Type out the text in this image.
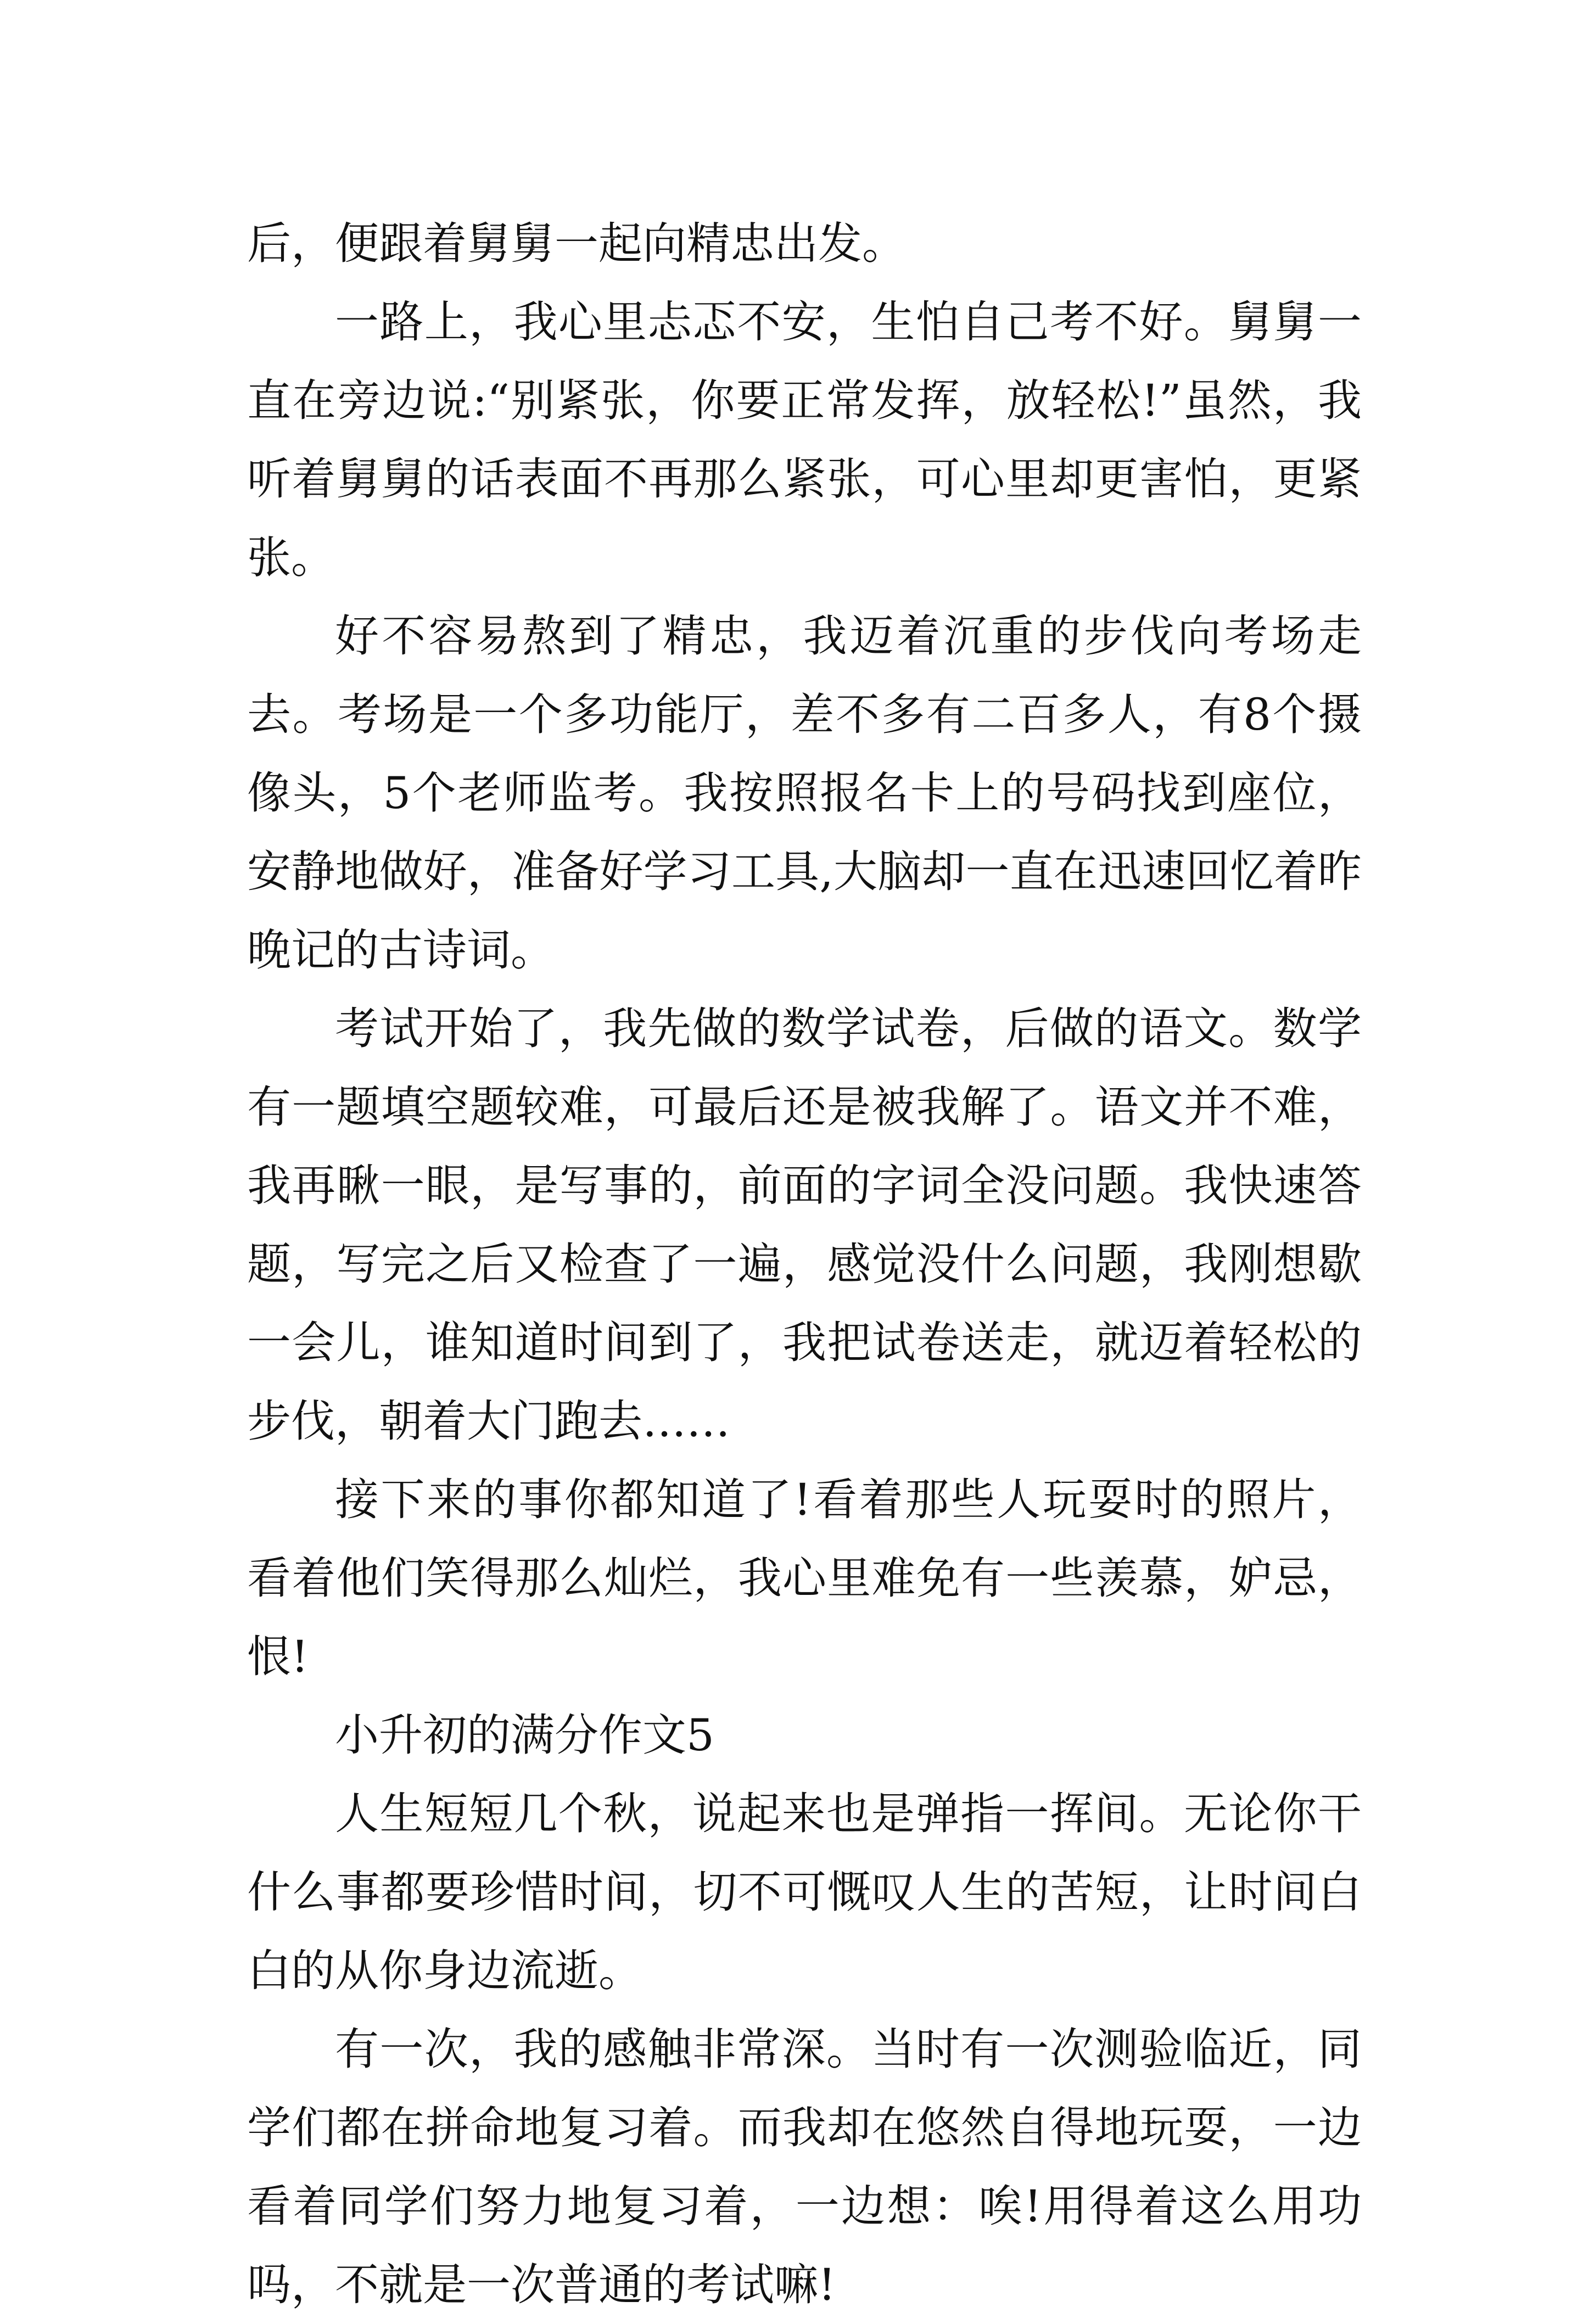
后，便跟着舅舅一起向精忠出发。

一路上，我心里忐忑不安，生怕自己考不好。舅舅一直在旁边说:“别紧张，你要正常发挥，放轻松!”虽然，我听着舅舅的话表面不再那么紧张，可心里却更害怕，更紧张。

好不容易熬到了精忠，我迈着沉重的步伐向考场走去。考场是一个多功能厅，差不多有二百多人，有8个摄像头，5个老师监考。我按照报名卡上的号码找到座位，安静地做好，准备好学习工具,大脑却一直在迅速回忆着昨晚记的古诗词。

考试开始了，我先做的数学试卷，后做的语文。数学有一题填空题较难，可最后还是被我解了。语文并不难，我再瞅一眼，是写事的，前面的字词全没问题。我快速答题，写完之后又检查了一遍，感觉没什么问题，我刚想歇一会儿，谁知道时间到了，我把试卷送走，就迈着轻松的步伐，朝着大门跑去……

接下来的事你都知道了!看着那些人玩耍时的照片，看着他们笑得那么灿烂，我心里难免有一些羡慕，妒忌，恨!

小升初的满分作文5

人生短短几个秋，说起来也是弹指一挥间。无论你干什么事都要珍惜时间，切不可慨叹人生的苦短，让时间白白的从你身边流逝。

有一次，我的感触非常深。当时有一次测验临近，同学们都在拼命地复习着。而我却在悠然自得地玩耍，一边看着同学们努力地复习着，一边想：唉!用得着这么用功吗，不就是一次普通的考试嘛!
